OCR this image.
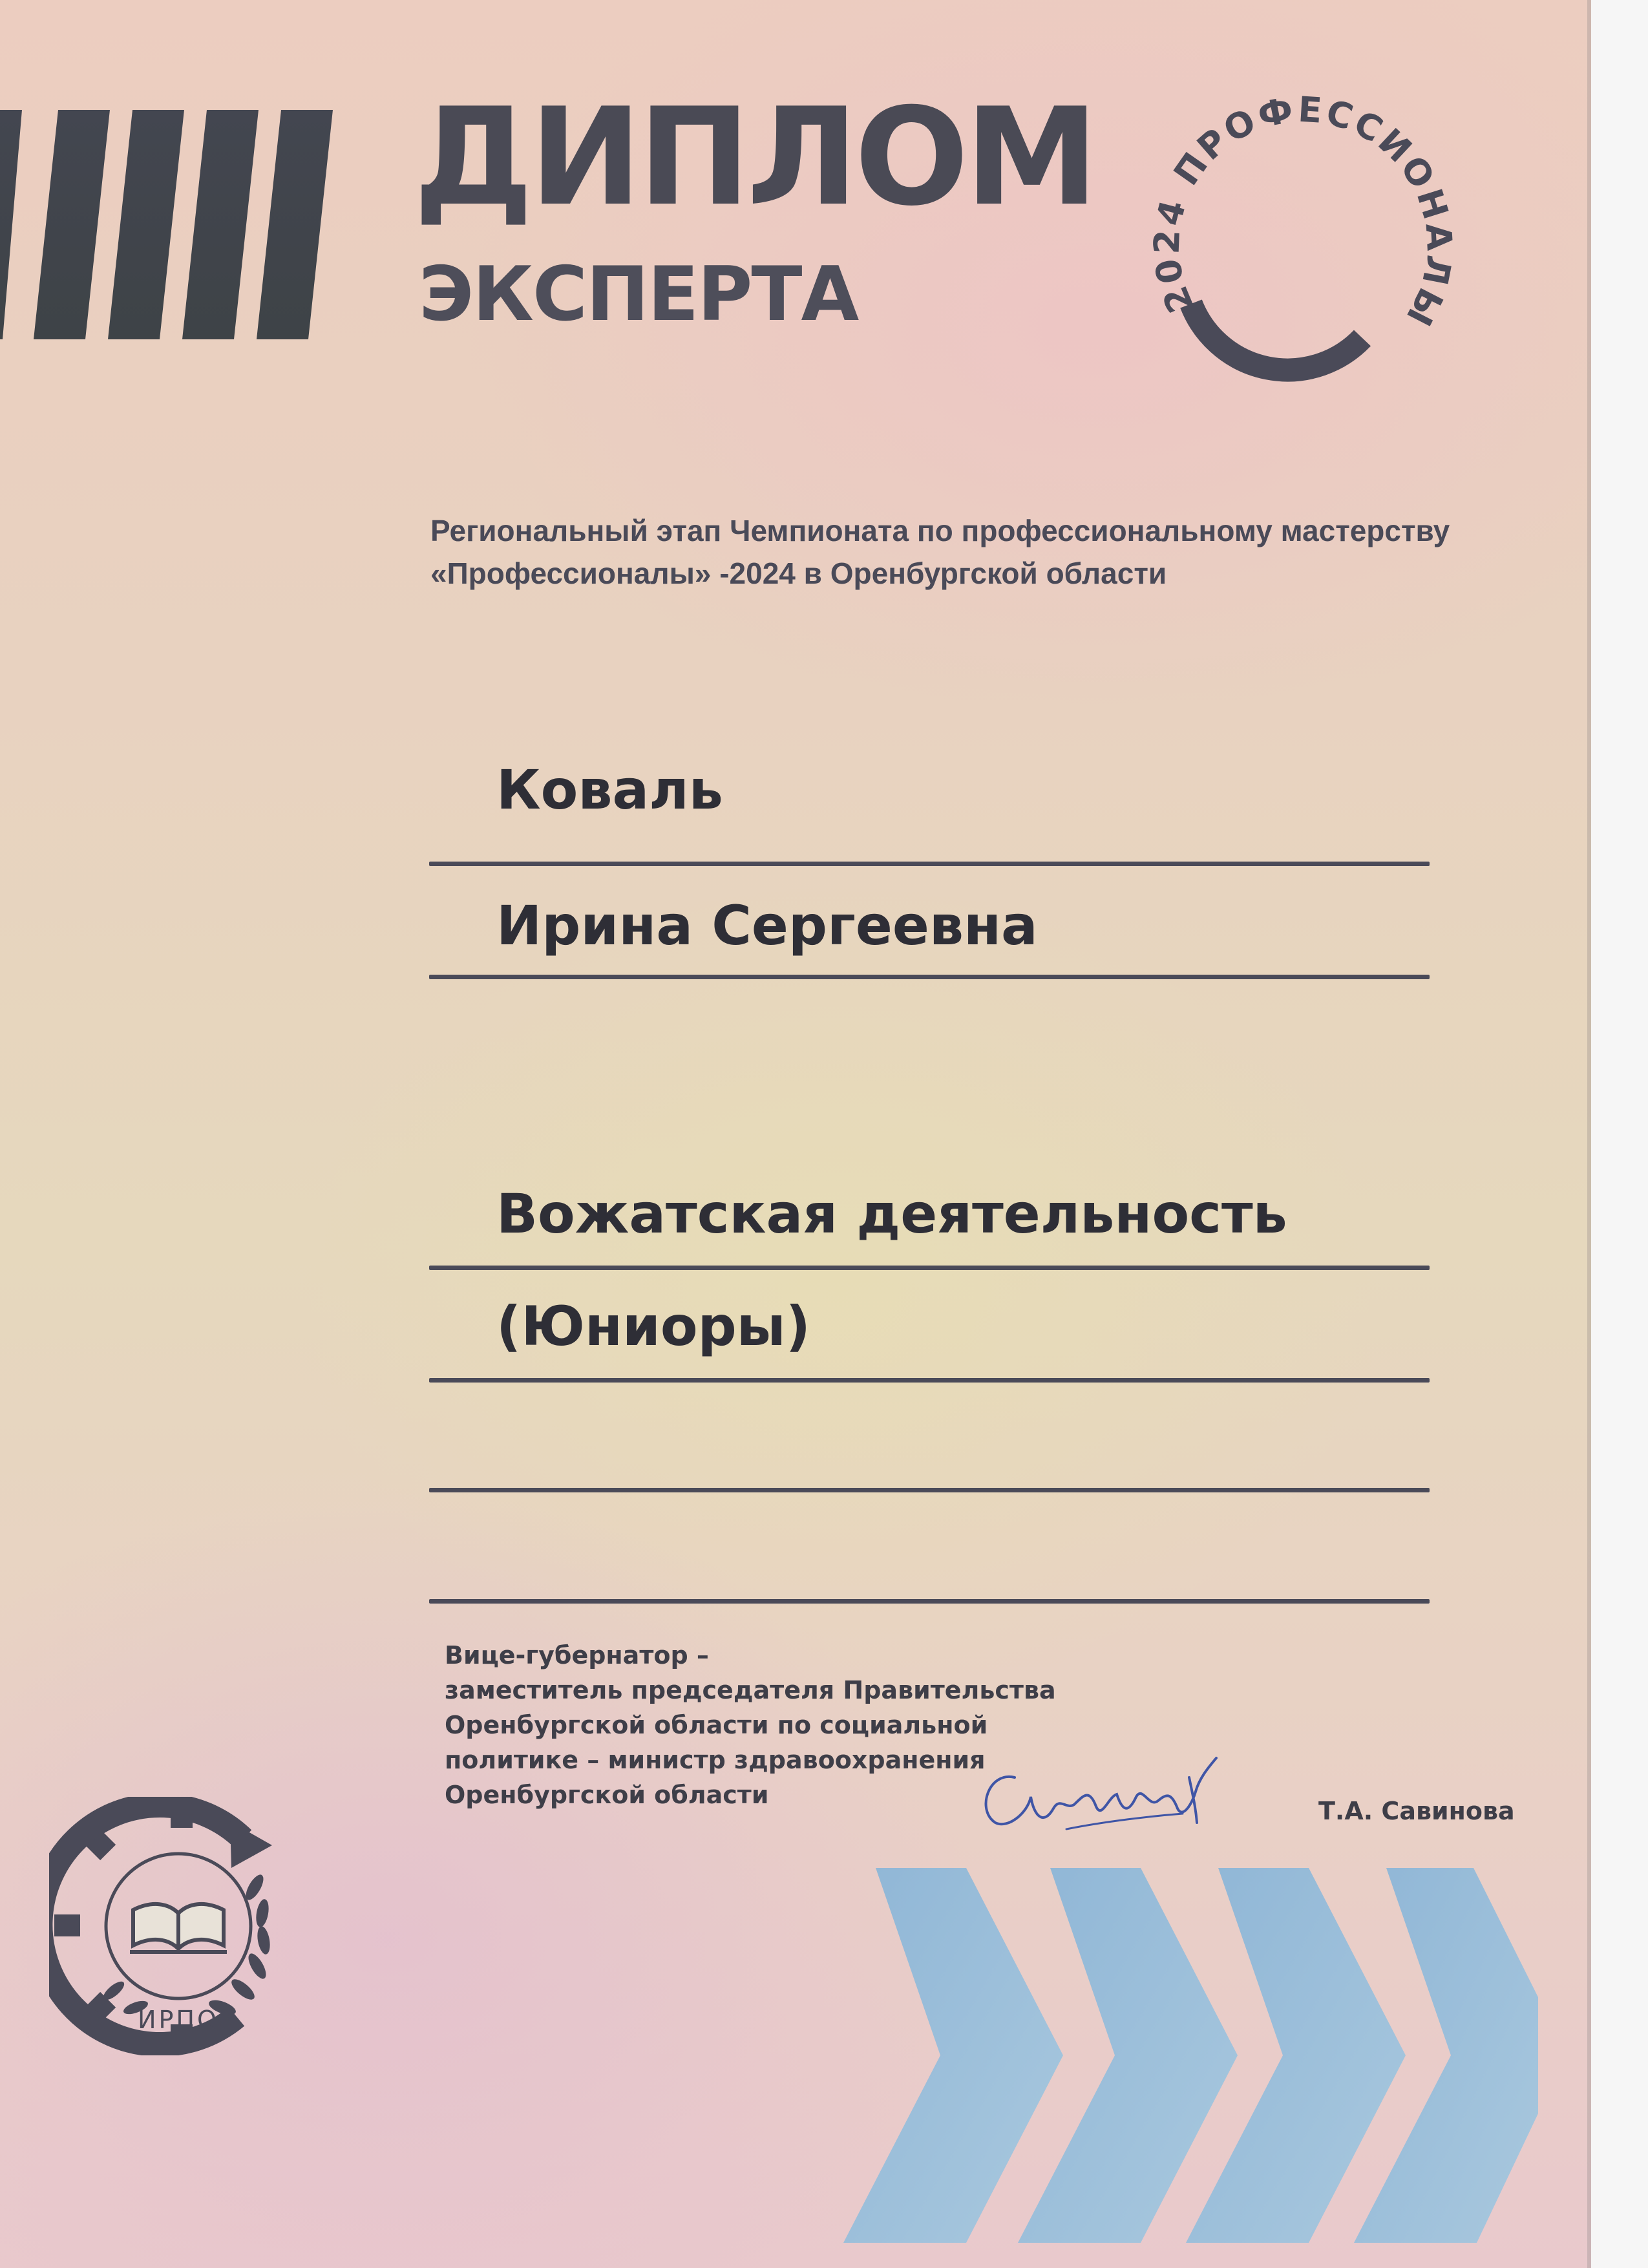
ДИПЛОМ
ЭКСПЕРТА	2024 ПРОФЕССИОНАЛЫ

Региональный этап Чемпионата по профессиональному мастерству

«Профессионалы» -2024 в Оренбургской области

Коваль
Ирина Сергеевна
Вожатская деятельность
(Юниоры)
Вице-губернатор –
заместитель председателя Правительства
Оренбургской области по социальной
политике – министр здравоохранения
Оренбургской области
Т.А. Савинова
ИРПО
